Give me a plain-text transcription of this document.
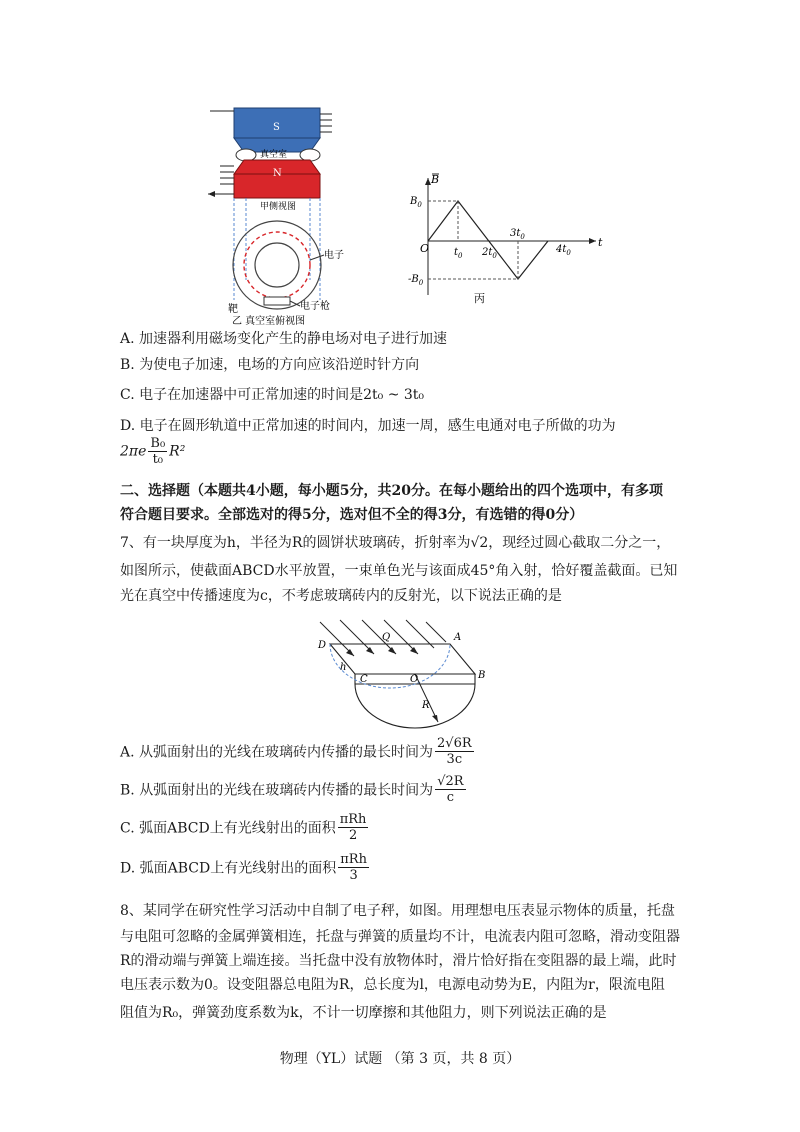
S
真空室
N
甲侧视图
电子
电子枪
靶
乙 真空室俯视图
B
t
O
$B_0$
$-B_0$
$t_0$ $2t_0$
$3t_0$
$4t_0$
丙
A. 加速器利用磁场变化产生的静电场对电子进行加速
B. 为使电子加速，电场的方向应该沿逆时针方向
C. 电子在加速器中可正常加速的时间是2t₀ ~ 3t₀
D. 电子在圆形轨道中正常加速的时间内，加速一周，感生电通对电子所做的功为
$2\pi e \frac{\text{B₀}}{\text{t₀}} R^2$
二、选择题（本题共4小题，每小题5分，共20分。在每小题给出的四个选项中，有多项
符合题目要求。全部选对的得5分，选对但不全的得3分，有选错的得0分）
7、有一块厚度为h，半径为R的圆饼状玻璃砖，折射率为√2，现经过圆心截取二分之一，
如图所示，使截面ABCD水平放置，一束单色光与该面成45°角入射，恰好覆盖截面。已知
光在真空中传播速度为c，不考虑玻璃砖内的反射光，以下说法正确的是
D
A
B
C	O
Q
h
R
A. 从弧面射出的光线在玻璃砖内传播的最长时间为 $\frac{2√6R}{3c}$
B. 从弧面射出的光线在玻璃砖内传播的最长时间为 $\frac{√2R}{c}$
C. 弧面ABCD上有光线射出的面积 $\frac{\text{πRh}}{2}$
D. 弧面ABCD上有光线射出的面积 $\frac{\text{πRh}}{3}$
8、某同学在研究性学习活动中自制了电子秤，如图。用理想电压表显示物体的质量，托盘
与电阻可忽略的金属弹簧相连，托盘与弹簧的质量均不计，电流表内阻可忽略，滑动变阻器
R的滑动端与弹簧上端连接。当托盘中没有放物体时，滑片恰好指在变阻器的最上端，此时
电压表示数为0。设变阻器总电阻为R，总长度为l，电源电动势为E，内阻为r，限流电阻
阻值为R₀，弹簧劲度系数为k，不计一切摩擦和其他阻力，则下列说法正确的是
物理（YL）试题 （第 3 页，共 8 页）
